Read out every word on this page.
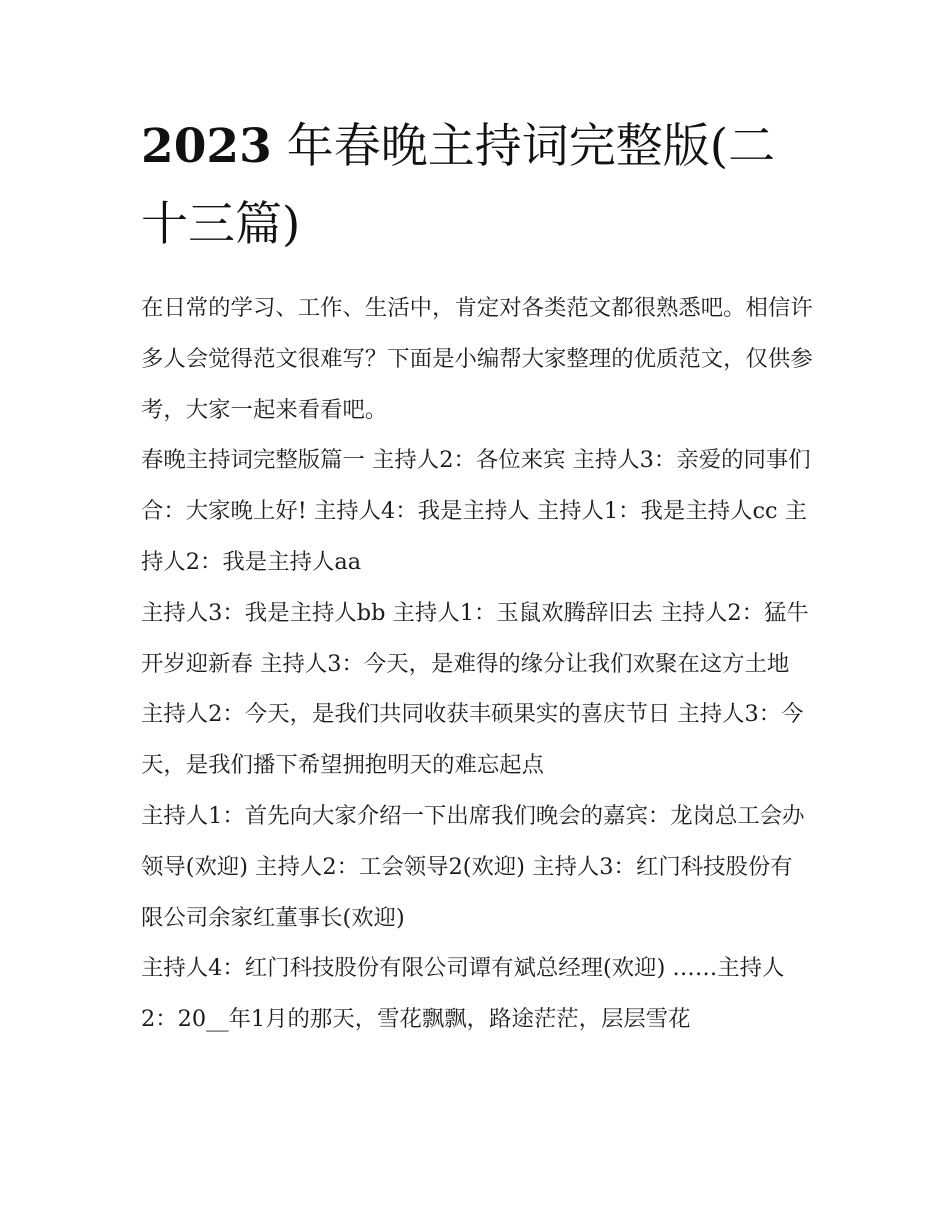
2023 年春晚主持词完整版(二十三篇)

在日常的学习、工作、生活中，肯定对各类范文都很熟悉吧。相信许多人会觉得范文很难写？下面是小编帮大家整理的优质范文，仅供参考，大家一起来看看吧。

春晚主持词完整版篇一 主持人2：各位来宾 主持人3：亲爱的同事们 合：大家晚上好! 主持人4：我是主持人 主持人1：我是主持人cc 主持人2：我是主持人aa

主持人3：我是主持人bb 主持人1：玉鼠欢腾辞旧去 主持人2：猛牛开岁迎新春 主持人3：今天，是难得的缘分让我们欢聚在这方土地

主持人2：今天，是我们共同收获丰硕果实的喜庆节日 主持人3：今天，是我们播下希望拥抱明天的难忘起点

主持人1：首先向大家介绍一下出席我们晚会的嘉宾：龙岗总工会办领导(欢迎) 主持人2：工会领导2(欢迎) 主持人3：红门科技股份有限公司余家红董事长(欢迎)

主持人4：红门科技股份有限公司谭有斌总经理(欢迎) ……主持人2：20__年1月的那天，雪花飘飘，路途茫茫，层层雪花
